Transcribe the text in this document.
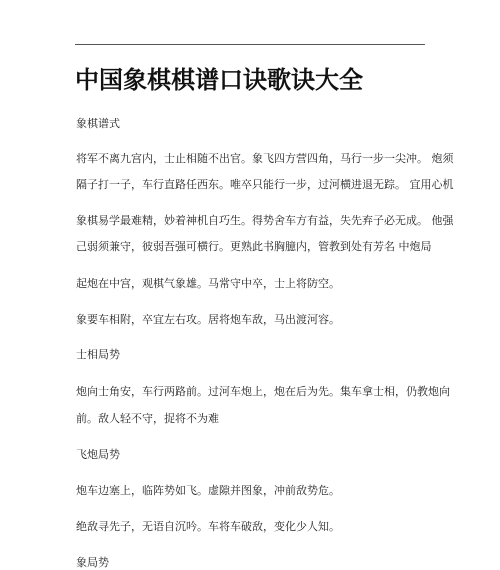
中国象棋棋谱口诀歌诀大全
象棋谱式
将军不离九宫内，士止相随不出官。象飞四方营四角，马行一步一尖冲。 炮须
隔子打一子，车行直路任西东。唯卒只能行一步，过河横进退无踪。 宜用心机
象棋易学最难精，妙着神机自巧生。得势舍车方有益，失先弃子必无成。 他强
己弱须兼守，彼弱吾强可横行。更熟此书胸臆内，管教到处有芳名 中炮局
起炮在中宫，观棋气象雄。马常守中卒，士上将防空。
象要车相附，卒宜左右攻。居将炮车敌，马出渡河容。
士相局势
炮向士角安，车行两路前。过河车炮上，炮在后为先。集车拿士相，仍教炮向
前。敌人轻不守，捉将不为难
飞炮局势
炮车边塞上，临阵势如飞。虚隙并图象，冲前敌势危。
绝敌寻先子，无语自沉吟。车将车破敌，变化少人知。
象局势
